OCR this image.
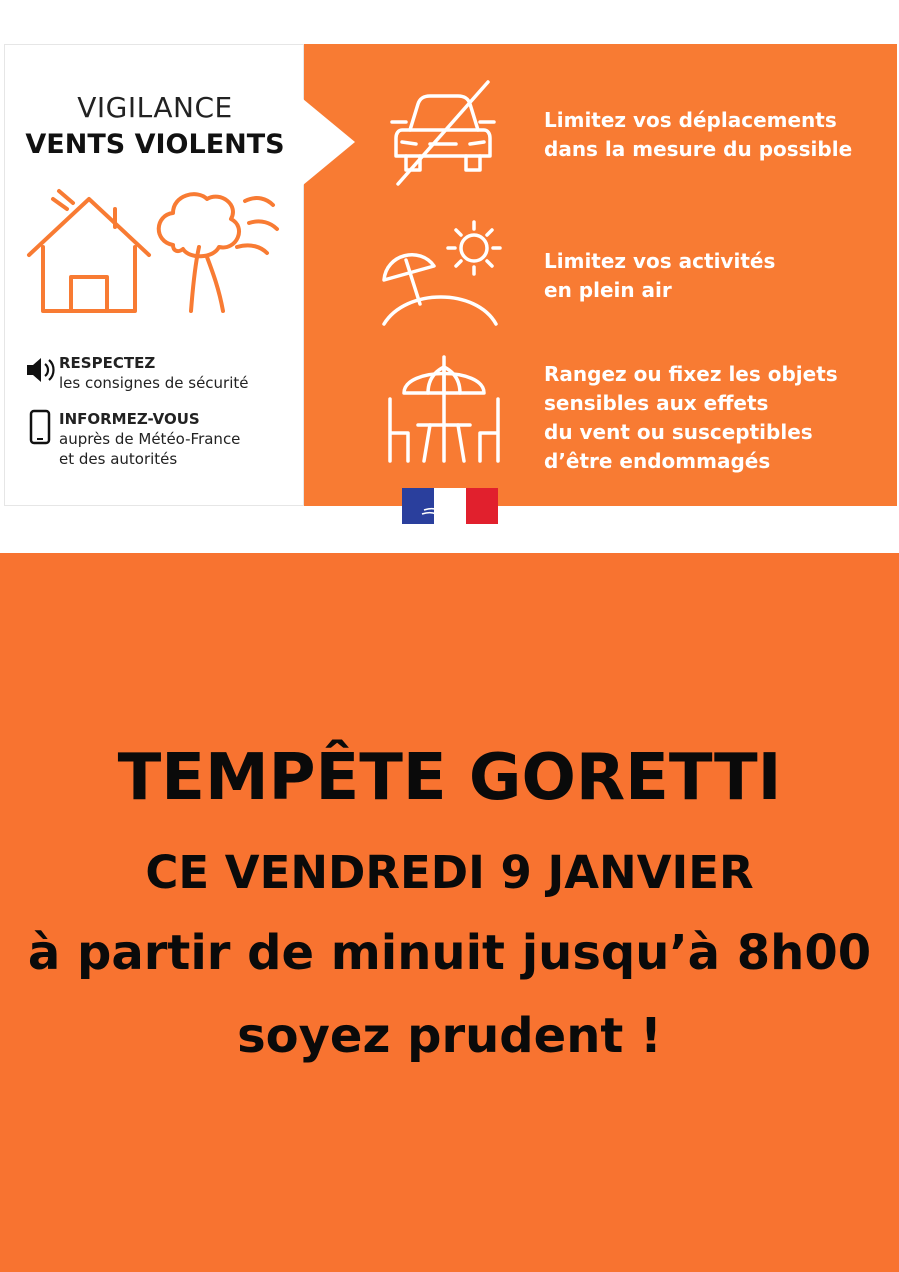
VIGILANCE
VENTS VIOLENTS
RESPECTEZ
les consignes de sécurité
INFORMEZ-VOUS
auprès de Météo-France
et des autorités
Limitez vos déplacements
dans la mesure du possible
Limitez vos activités
en plein air
Rangez ou fixez les objets
sensibles aux effets
du vent ou susceptibles
d’être endommagés
TEMPÊTE GORETTI
CE VENDREDI 9 JANVIER
à partir de minuit jusqu’à 8h00
soyez prudent !
